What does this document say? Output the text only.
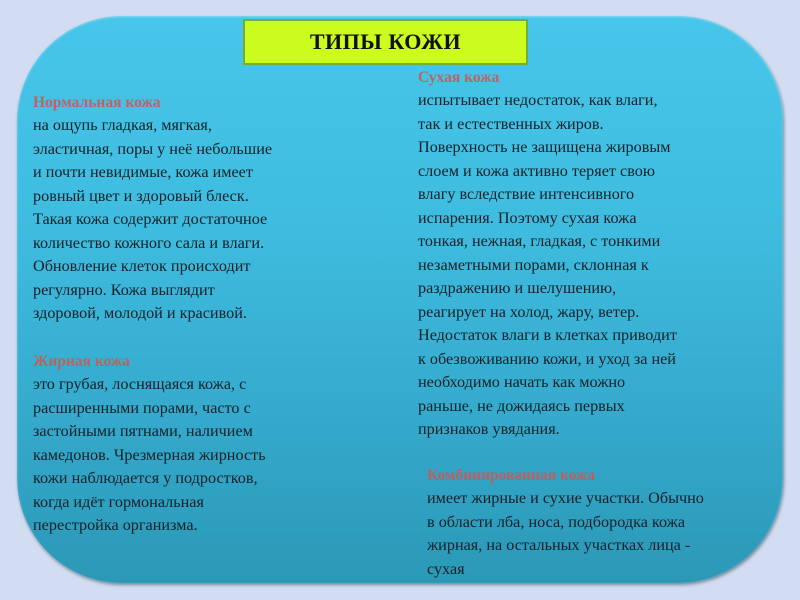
ТИПЫ КОЖИ
Нормальная кожа
на ощупь гладкая, мягкая,
эластичная, поры у неё небольшие
и почти невидимые, кожа имеет
ровный цвет и здоровый блеск.
Такая кожа содержит достаточное
количество кожного сала и влаги.
Обновление клеток происходит
регулярно. Кожа выглядит
здоровой, молодой и красивой.
Жирная кожа
это грубая, лоснящаяся кожа, с
расширенными порами, часто с
застойными пятнами, наличием
камедонов. Чрезмерная жирность
кожи наблюдается у подростков,
когда идёт гормональная
перестройка организма.
Сухая кожа
испытывает недостаток, как влаги,
так и естественных жиров.
Поверхность не защищена жировым
слоем и кожа активно теряет свою
влагу вследствие интенсивного
испарения. Поэтому сухая кожа
тонкая, нежная, гладкая, с тонкими
незаметными порами, склонная к
раздражению и шелушению,
реагирует на холод, жару, ветер.
Недостаток влаги в клетках приводит
к обезвоживанию кожи, и уход за ней
необходимо начать как можно
раньше, не дожидаясь первых
признаков увядания.
Комбинированная кожа
имеет жирные и сухие участки. Обычно
в области лба, носа, подбородка кожа
жирная, на остальных участках лица -
сухая
